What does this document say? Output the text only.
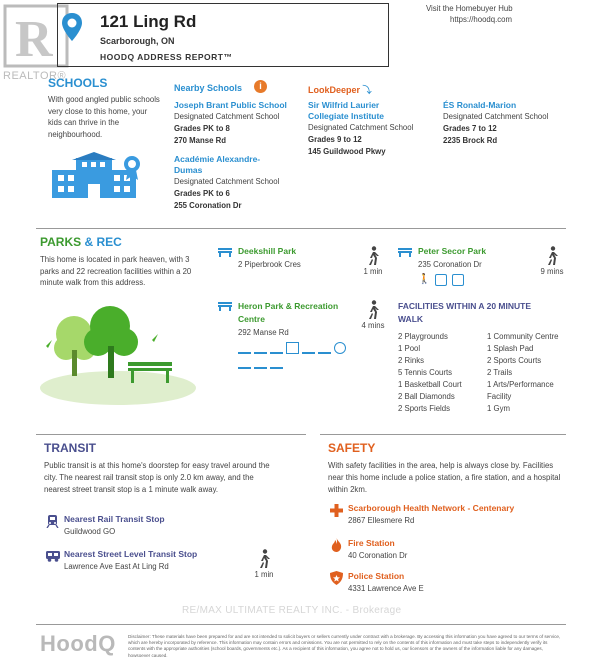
R
REALTOR®
121 Ling Rd
Scarborough, ON
HOODQ ADDRESS REPORT™
Visit the Homebuyer Hub
https://hoodq.com
SCHOOLS
With good angled public schools very close to this home, your kids can thrive in the neighbourhood.
Nearby Schools	i	LookDeeper ⤵
Joseph Brant Public School
Designated Catchment School
Grades PK to 8
270 Manse Rd
Académie Alexandre-Dumas
Designated Catchment School
Grades PK to 6
255 Coronation Dr
Sir Wilfrid Laurier Collegiate Institute
Designated Catchment School
Grades 9 to 12
145 Guildwood Pkwy
ÉS Ronald-Marion
Designated Catchment School
Grades 7 to 12
2235 Brock Rd
PARKS & REC
This home is located in park heaven, with 3 parks and 22 recreation facilities within a 20 minute walk from this address.
Deekshill Park
2 Piperbrook Cres
1 min
Peter Secor Park
235 Coronation Dr
🚶
9 mins
Heron Park & Recreation Centre
292 Manse Rd
4 mins
FACILITIES WITHIN A 20 MINUTE WALK
2 Playgrounds
1 Pool
2 Rinks
5 Tennis Courts
1 Basketball Court
2 Ball Diamonds
2 Sports Fields
1 Community Centre
1 Splash Pad
2 Sports Courts
2 Trails
1 Arts/Performance Facility
1 Gym
TRANSIT
Public transit is at this home's doorstep for easy travel around the city. The nearest rail transit stop is only 2.0 km away, and the nearest street transit stop is a 1 minute walk away.
Nearest Rail Transit Stop
Guildwood GO
Nearest Street Level Transit Stop
Lawrence Ave East At Ling Rd
1 min
SAFETY
With safety facilities in the area, help is always close by. Facilities near this home include a police station, a fire station, and a hospital within 2km.
Scarborough Health Network - Centenary
2867 Ellesmere Rd
Fire Station
40 Coronation Dr
Police Station
4331 Lawrence Ave E
RE/MAX ULTIMATE REALTY INC. - Brokerage
HoodQ	Disclaimer: These materials have been prepared for and are not intended to solicit buyers or sellers currently under contract with a brokerage. By accessing this information you have agreed to our terms of service, which are hereby incorporated by reference. This information may contain errors and omissions. You are not permitted to rely on the contents of this information and must take steps to independently verify its contents with the appropriate authorities (school boards, governments etc.). As a recipient of this information, you agree not to hold us, our licensors or the owners of the information liable for any damages, howsoever caused.
